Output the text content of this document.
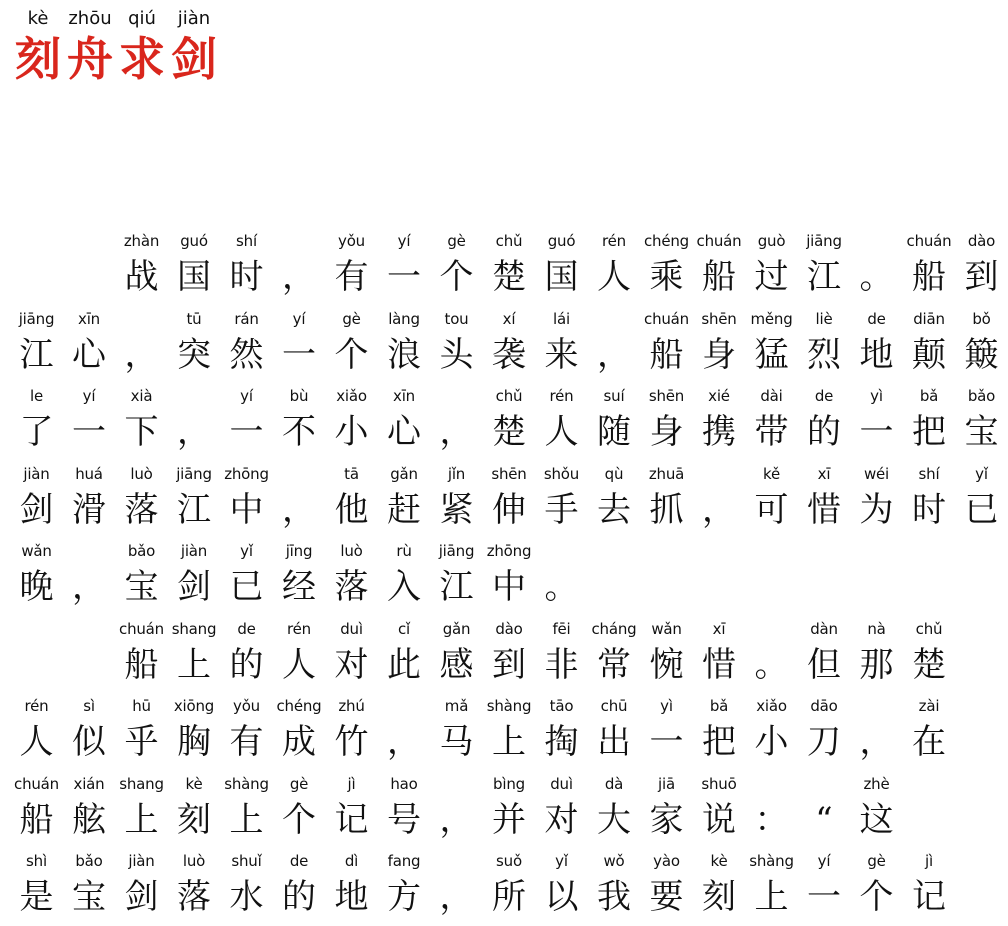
kè	zhōu qiú	jiàn
刻 舟 求 剑
zhàn
战
guó
国
shí
时 ，
yǒu
有
yí
一
gè
个
chǔ
楚
guó
国
rén
人
chéng
乘
chuán
船
guò
过
jiāng
江 。
chuán
船
dào
到
jiāng
江
xīn
心 ，
tū
突
rán
然
yí
一
gè
个
làng
浪
tou
头
xí
袭
lái
来 ，
chuán
船
shēn
身
měng
猛
liè
烈
de
地
diān
颠
bǒ
簸
le
了
yí
一
xià
下 ，
yí
一
bù
不
xiǎo
小
xīn
心 ，
chǔ
楚
rén
人
suí
随
shēn
身
xié
携
dài
带
de
的
yì
一
bǎ
把
bǎo
宝
jiàn
剑
huá
滑
luò
落
jiāng
江
zhōng
中 ，
tā
他
gǎn
赶
jǐn
紧
shēn
伸
shǒu
手
qù
去
zhuā
抓 ，
kě
可
xī
惜
wéi
为
shí
时
yǐ
已
wǎn
晚 ，
bǎo
宝
jiàn
剑
yǐ
已
jīng
经
luò
落
rù
入
jiāng
江
zhōng
中 。
chuán
船
shang
上
de
的
rén
人
duì
对
cǐ
此
gǎn
感
dào
到
fēi
非
cháng
常
wǎn
惋
xī
惜 。
dàn
但
nà
那
chǔ
楚
rén
人
sì
似
hū
乎
xiōng
胸
yǒu
有
chéng
成
zhú
竹 ，
mǎ
马
shàng
上
tāo
掏
chū
出
yì
一
bǎ
把
xiǎo
小
dāo
刀 ，
zài
在
chuán
船
xián
舷
shang
上
kè
刻
shàng
上
gè
个
jì
记
hao
号 ，
bìng
并
duì
对
dà
大
jiā
家
shuō
说 ： “
zhè
这
shì
是
bǎo
宝
jiàn
剑
luò
落
shuǐ
水
de
的
dì
地
fang
方 ，
suǒ
所
yǐ
以
wǒ
我
yào
要
kè
刻
shàng
上
yí
一
gè
个
jì
记
